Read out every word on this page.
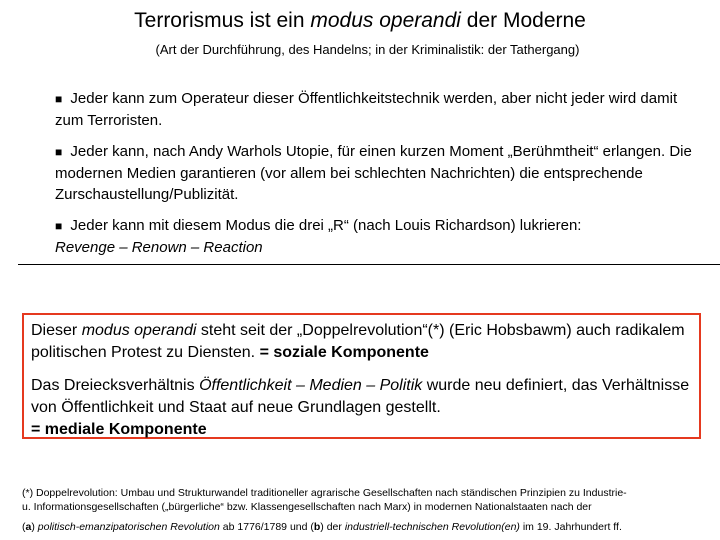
Terrorismus ist ein modus operandi der Moderne
(Art der Durchführung, des Handelns; in der Kriminalistik: der Tathergang)

■ Jeder kann zum Operateur dieser Öffentlichkeitstechnik werden, aber nicht jeder wird damit zum Terroristen.

■ Jeder kann, nach Andy Warhols Utopie, für einen kurzen Moment „Berühmtheit“ erlangen. Die modernen Medien garantieren (vor allem bei schlechten Nachrichten) die entsprechende Zurschaustellung/Publizität.

■ Jeder kann mit diesem Modus die drei „R“ (nach Louis Richardson) lukrieren:
Revenge – Renown – Reaction

Dieser modus operandi steht seit der „Doppelrevolution“(*) (Eric Hobsbawm) auch radikalem politischen Protest zu Diensten. = soziale Komponente

Das Dreiecksverhältnis Öffentlichkeit – Medien – Politik wurde neu definiert, das Verhältnisse von Öffentlichkeit und Staat auf neue Grundlagen gestellt.
= mediale Komponente

(*) Doppelrevolution: Umbau und Strukturwandel traditioneller agrarische Gesellschaften nach ständischen Prinzipien zu Industrie-

u. Informationsgesellschaften („bürgerliche“ bzw. Klassengesellschaften nach Marx) in modernen Nationalstaaten nach der

(a) politisch-emanzipatorischen Revolution ab 1776/1789 und (b) der industriell-technischen Revolution(en) im 19. Jahrhundert ff.
